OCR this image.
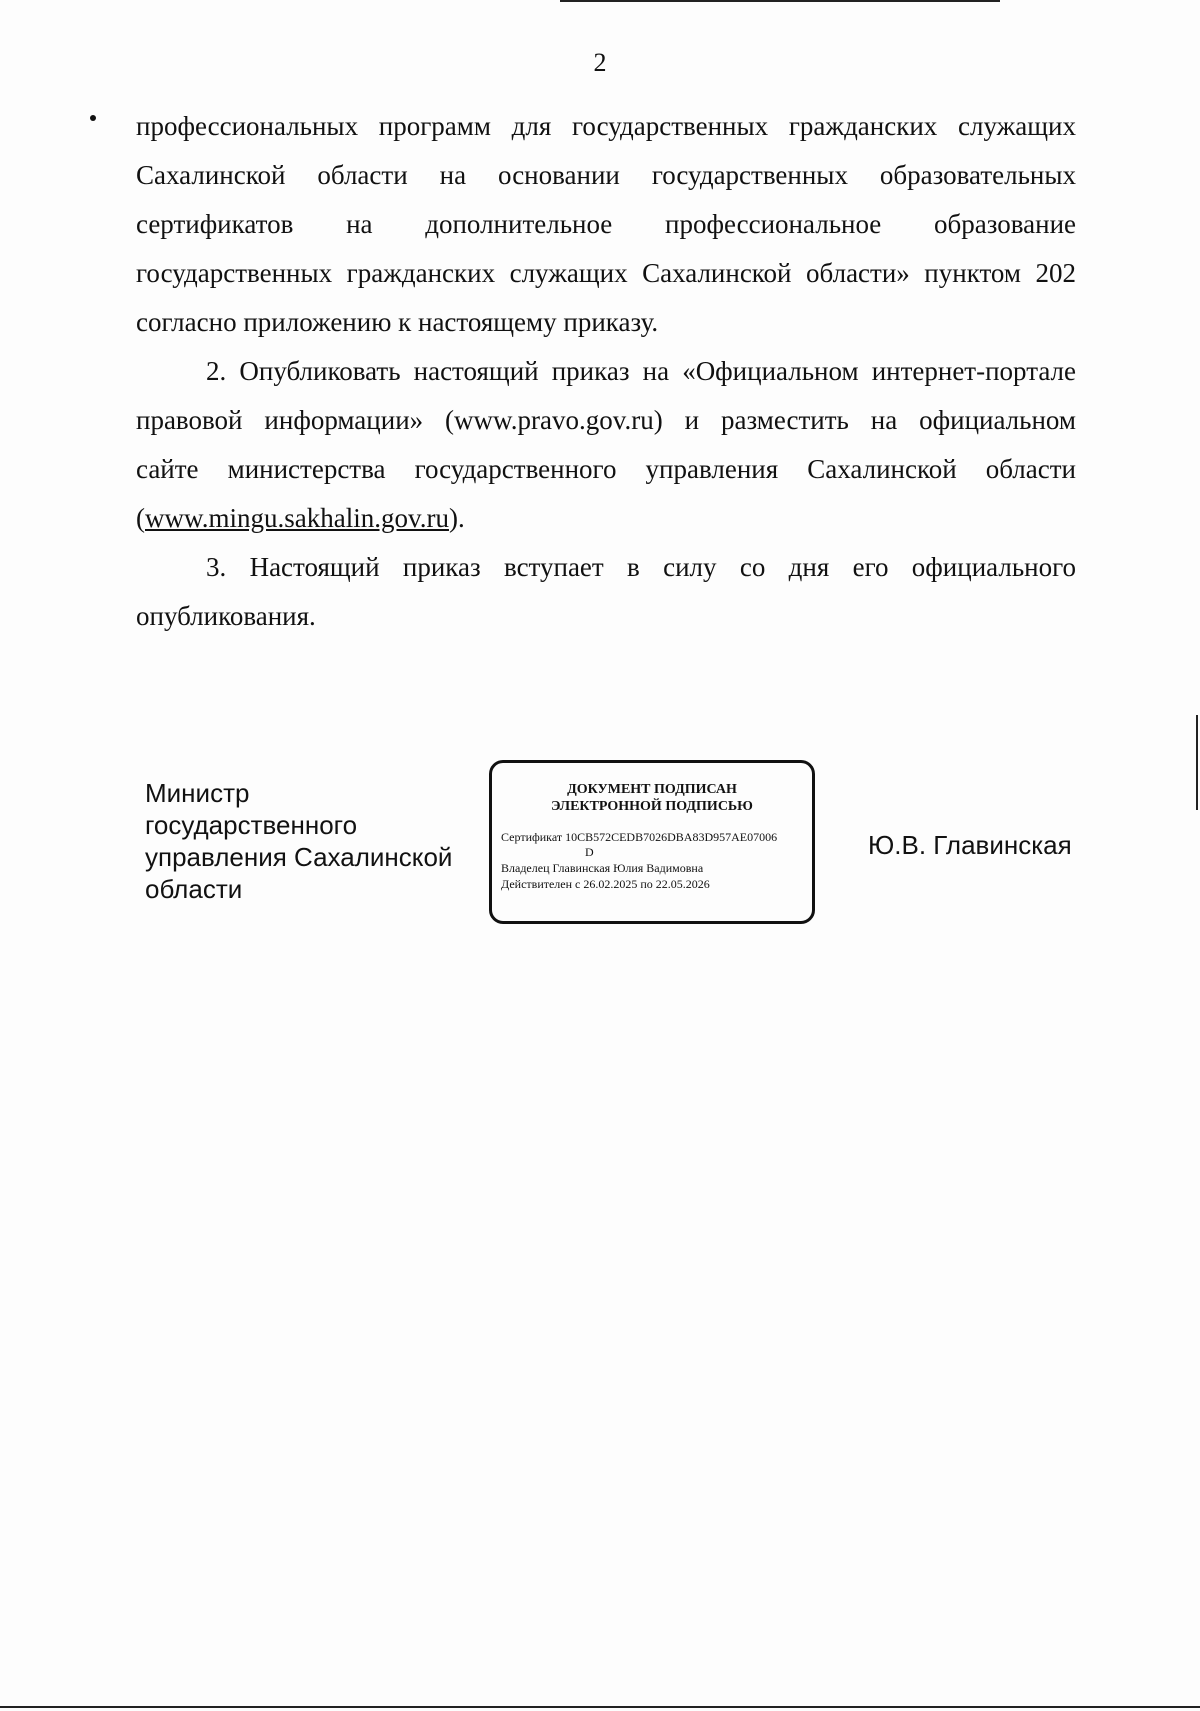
2
профессиональных программ для государственных гражданских служащих
Сахалинской области на основании государственных образовательных
сертификатов на дополнительное профессиональное образование
государственных гражданских служащих Сахалинской области» пунктом 202
согласно приложению к настоящему приказу.
2. Опубликовать настоящий приказ на «Официальном интернет-портале
правовой информации» (www.pravo.gov.ru) и разместить на официальном
сайте министерства государственного управления Сахалинской области
(www.mingu.sakhalin.gov.ru).
3. Настоящий приказ вступает в силу со дня его официального
опубликования.
Министр
государственного
управления Сахалинской
области
ДОКУМЕНТ ПОДПИСАН
ЭЛЕКТРОННОЙ ПОДПИСЬЮ
Сертификат 10CB572CEDB7026DBA83D957AE07006
D
Владелец Главинская Юлия Вадимовна
Действителен с 26.02.2025 по 22.05.2026
Ю.В. Главинская
